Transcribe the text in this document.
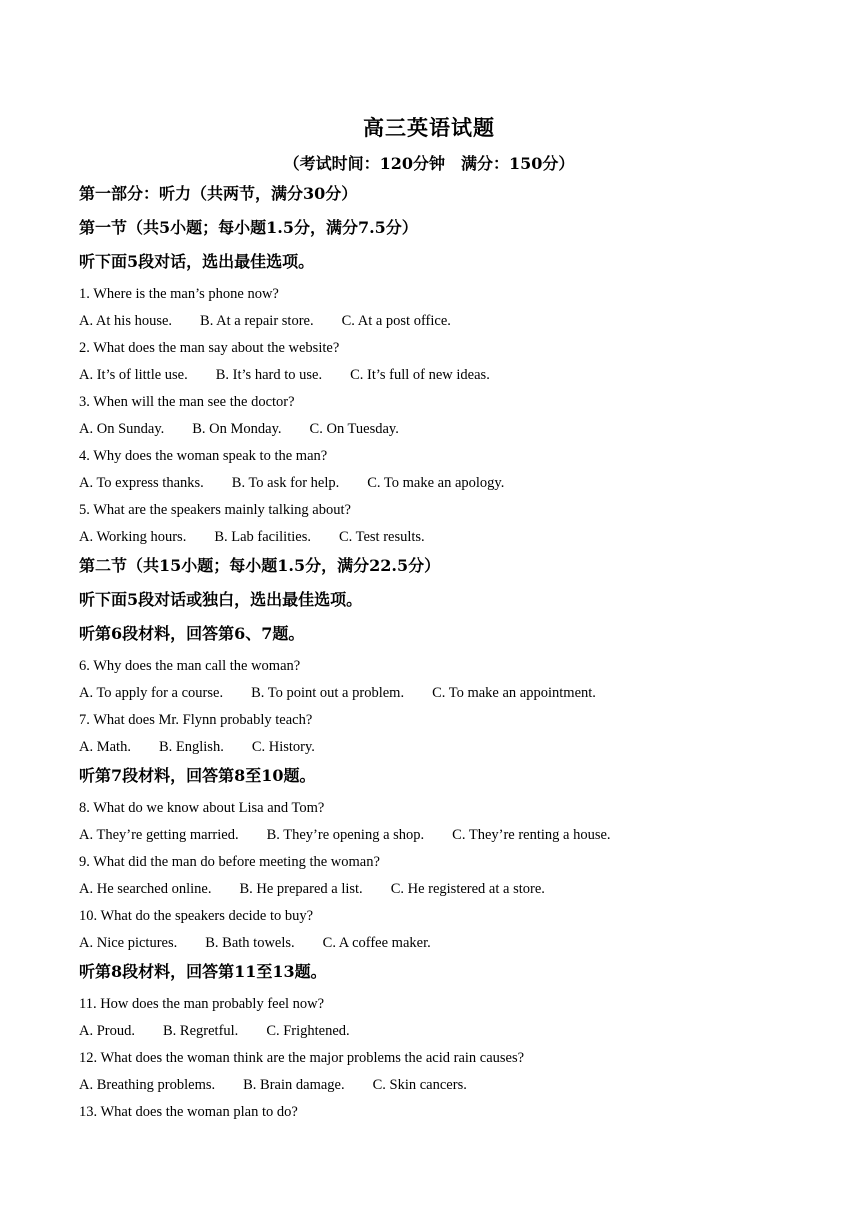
高三英语试题
（考试时间：120分钟　满分：150分）
第一部分：听力（共两节，满分30分）
第一节（共5小题；每小题1.5分，满分7.5分）
听下面5段对话，选出最佳选项。
1. Where is the man’s phone now?
A. At his house. B. At a repair store. C. At a post office.
2. What does the man say about the website?
A. It’s of little use. B. It’s hard to use. C. It’s full of new ideas.
3. When will the man see the doctor?
A. On Sunday. B. On Monday. C. On Tuesday.
4. Why does the woman speak to the man?
A. To express thanks. B. To ask for help. C. To make an apology.
5. What are the speakers mainly talking about?
A. Working hours. B. Lab facilities. C. Test results.
第二节（共15小题；每小题1.5分，满分22.5分）
听下面5段对话或独白，选出最佳选项。
听第6段材料，回答第6、7题。
6. Why does the man call the woman?
A. To apply for a course. B. To point out a problem. C. To make an appointment.
7. What does Mr. Flynn probably teach?
A. Math. B. English. C. History.
听第7段材料，回答第8至10题。
8. What do we know about Lisa and Tom?
A. They’re getting married. B. They’re opening a shop. C. They’re renting a house.
9. What did the man do before meeting the woman?
A. He searched online. B. He prepared a list. C. He registered at a store.
10. What do the speakers decide to buy?
A. Nice pictures. B. Bath towels. C. A coffee maker.
听第8段材料，回答第11至13题。
11. How does the man probably feel now?
A. Proud. B. Regretful. C. Frightened.
12. What does the woman think are the major problems the acid rain causes?
A. Breathing problems. B. Brain damage. C. Skin cancers.
13. What does the woman plan to do?
